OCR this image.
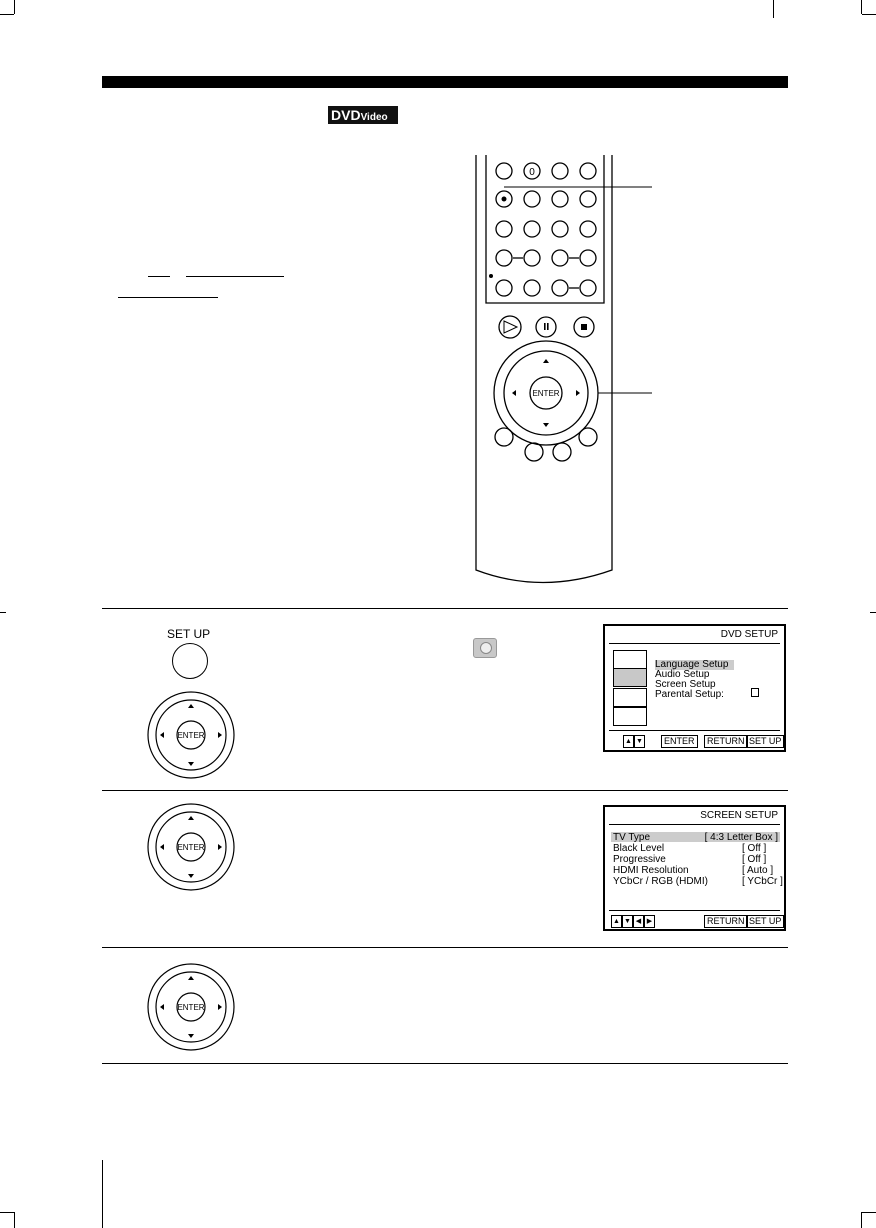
DVDVideo
0
ENTER
SET UP
ENTER
DVD SETUP
Language Setup
Audio Setup
Screen Setup
Parental Setup:
▲ ▼	ENTER	RETURN SET UP
ENTER
SCREEN SETUP
TV Type	[ 4:3 Letter Box ]
Black Level	[ Off ]
Progressive	[ Off ]
HDMI Resolution	[ Auto ]
YCbCr / RGB (HDMI)	[ YCbCr ]
▲ ▼ ◀ ▶	RETURN SET UP
ENTER
